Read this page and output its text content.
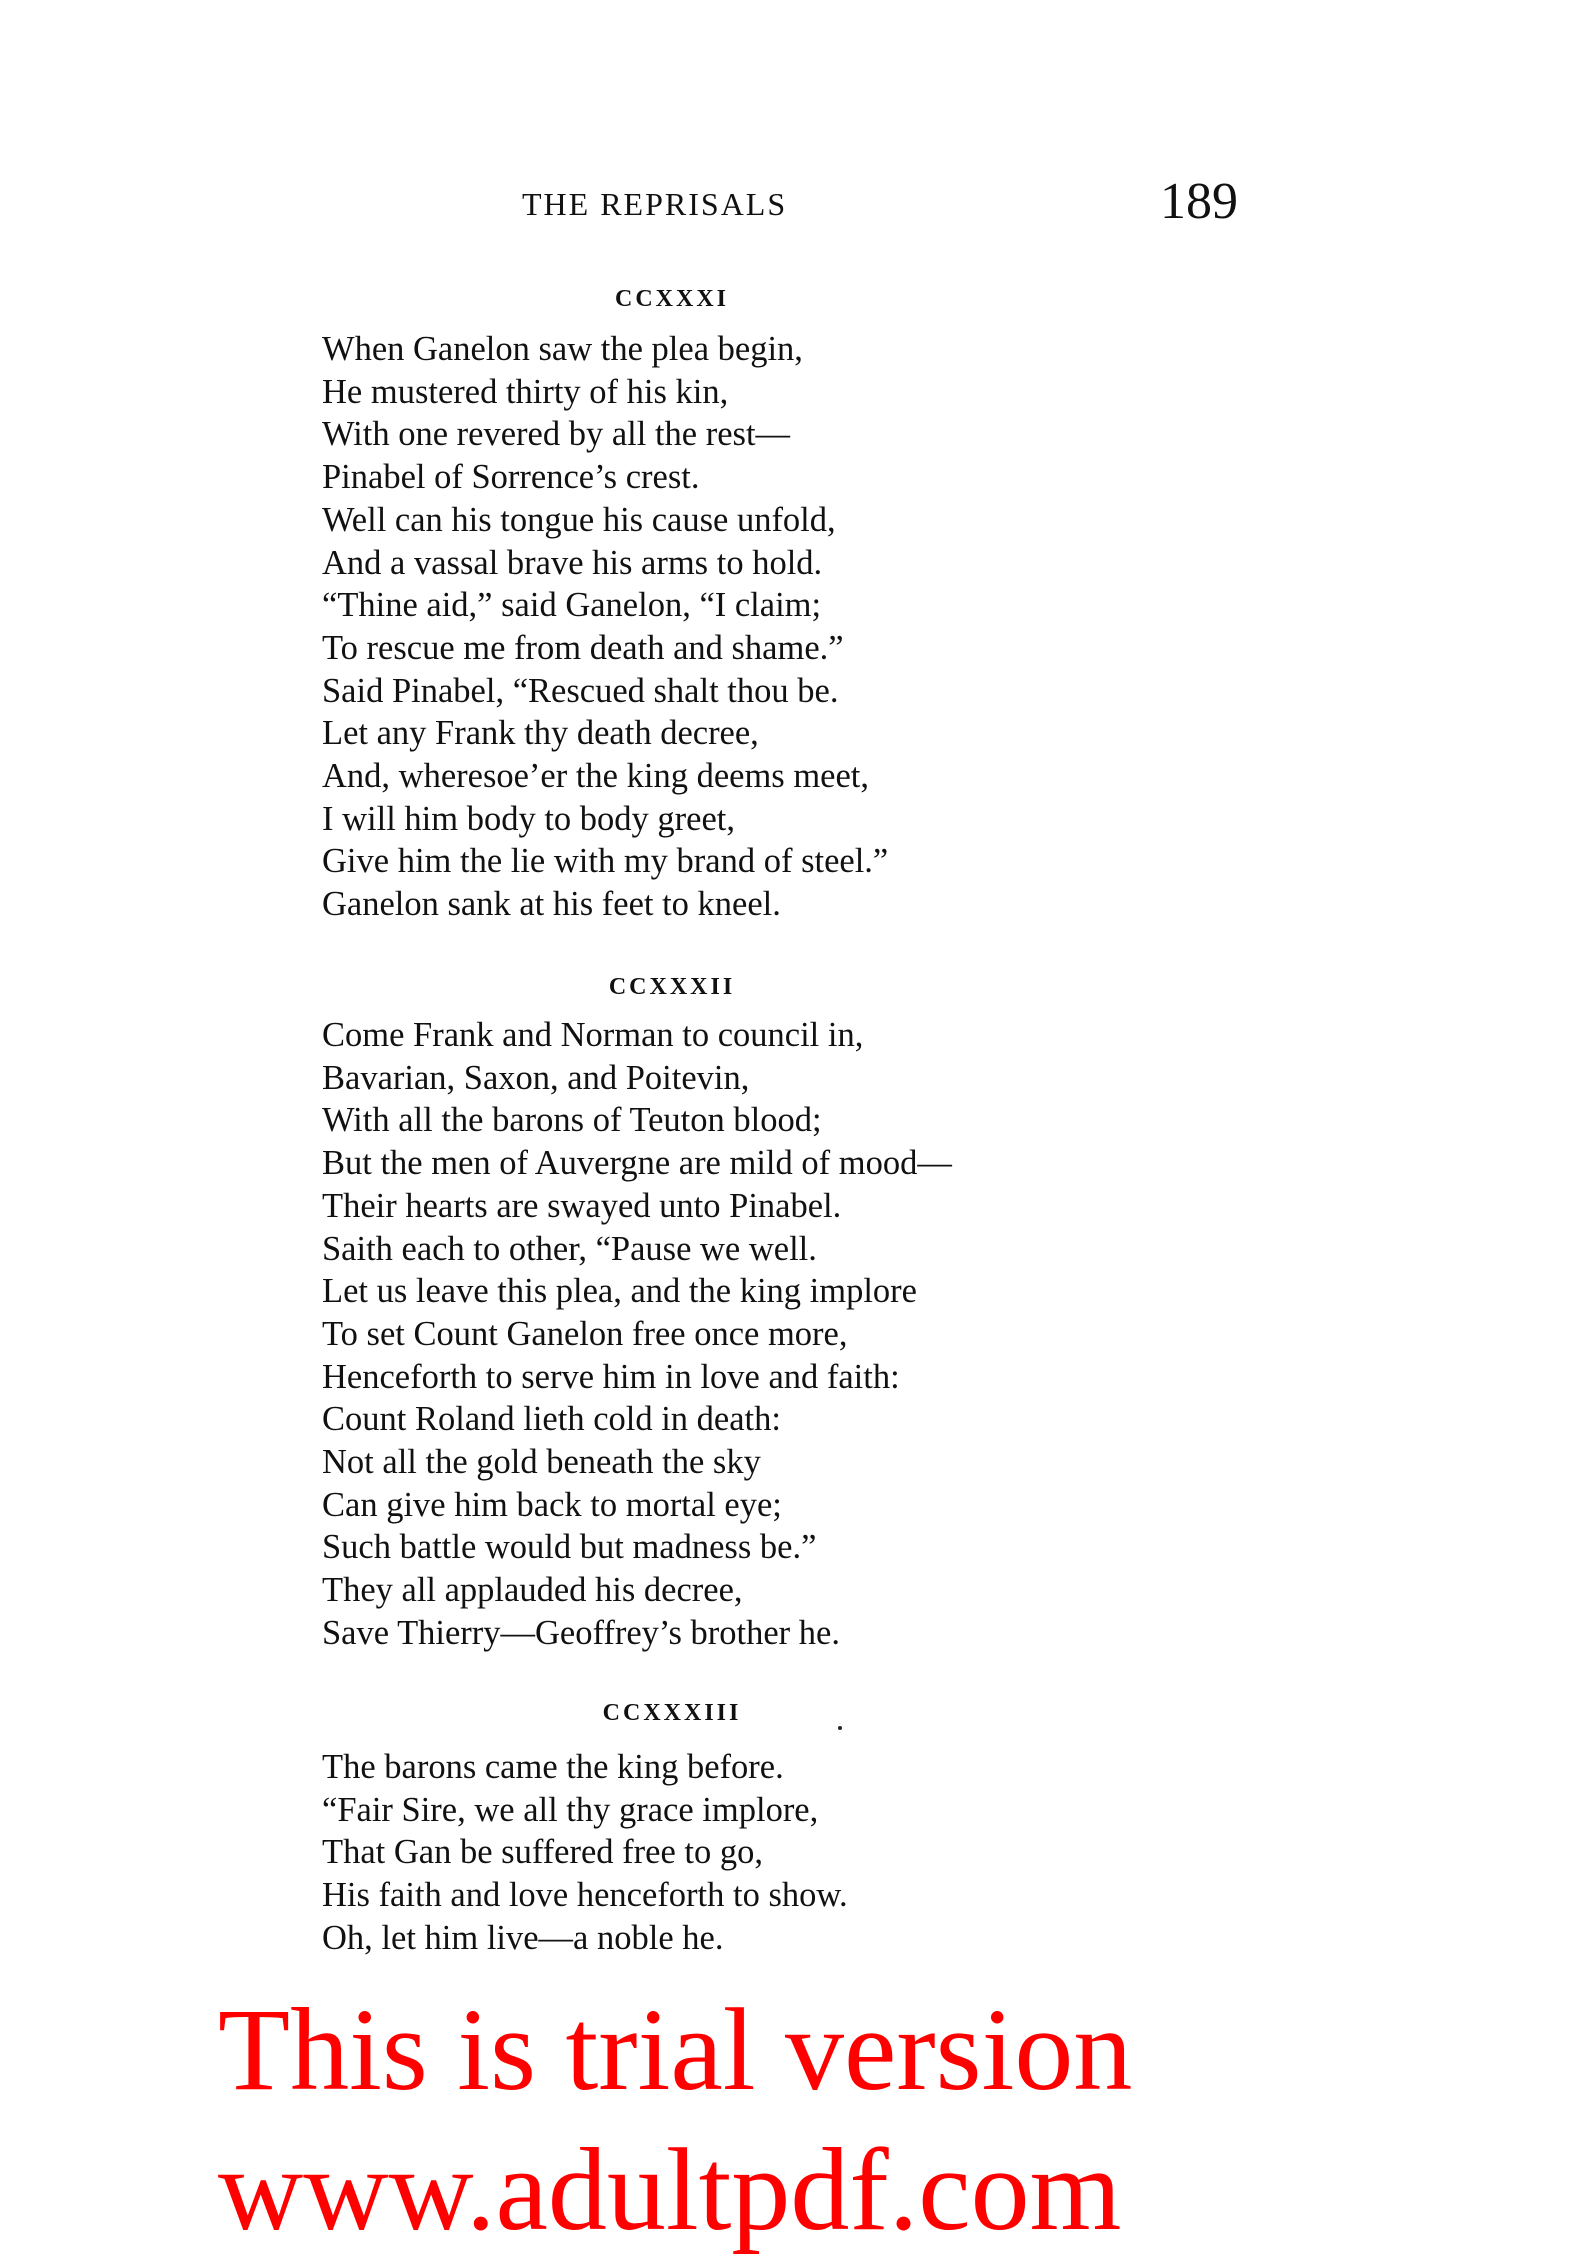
THE REPRISALS	189
CCXXXI
When Ganelon saw the plea begin,
He mustered thirty of his kin,
With one revered by all the rest—
Pinabel of Sorrence’s crest.
Well can his tongue his cause unfold,
And a vassal brave his arms to hold.
“Thine aid,” said Ganelon, “I claim;
To rescue me from death and shame.”
Said Pinabel, “Rescued shalt thou be.
Let any Frank thy death decree,
And, wheresoe’er the king deems meet,
I will him body to body greet,
Give him the lie with my brand of steel.”
Ganelon sank at his feet to kneel.
CCXXXII
Come Frank and Norman to council in,
Bavarian, Saxon, and Poitevin,
With all the barons of Teuton blood;
But the men of Auvergne are mild of mood—
Their hearts are swayed unto Pinabel.
Saith each to other, “Pause we well.
Let us leave this plea, and the king implore
To set Count Ganelon free once more,
Henceforth to serve him in love and faith:
Count Roland lieth cold in death:
Not all the gold beneath the sky
Can give him back to mortal eye;
Such battle would but madness be.”
They all applauded his decree,
Save Thierry—Geoffrey’s brother he.
CCXXXIII
The barons came the king before.
“Fair Sire, we all thy grace implore,
That Gan be suffered free to go,
His faith and love henceforth to show.
Oh, let him live—a noble he.
This is trial version
www.adultpdf.com
